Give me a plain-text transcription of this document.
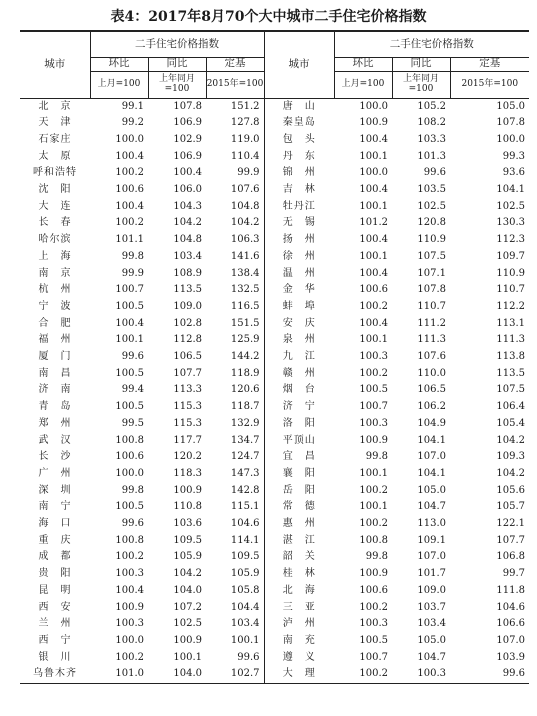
表4：2017年8月70个大中城市二手住宅价格指数
城市	二手住宅价格指数			城市	二手住宅价格指数		
	环比	同比	定基		环比	同比	定基
	上月=100	上年同月=100	2015年=100		上月=100	上年同月=100	2015年=100
北　京	99.1	107.8	151.2	唐　山	100.0	105.2	105.0
天　津	99.2	106.9	127.8	秦皇岛	100.9	108.2	107.8
石家庄	100.0	102.9	119.0	包　头	100.4	103.3	100.0
太　原	100.4	106.9	110.4	丹　东	100.1	101.3	99.3
呼和浩特	100.2	100.4	99.9	锦　州	100.0	99.6	93.6
沈　阳	100.6	106.0	107.6	吉　林	100.4	103.5	104.1
大　连	100.4	104.3	104.8	牡丹江	100.1	102.5	102.5
长　春	100.2	104.2	104.2	无　锡	101.2	120.8	130.3
哈尔滨	101.1	104.8	106.3	扬　州	100.4	110.9	112.3
上　海	99.8	103.4	141.6	徐　州	100.1	107.5	109.7
南　京	99.9	108.9	138.4	温　州	100.4	107.1	110.9
杭　州	100.7	113.5	132.5	金　华	100.6	107.8	110.7
宁　波	100.5	109.0	116.5	蚌　埠	100.2	110.7	112.2
合　肥	100.4	102.8	151.5	安　庆	100.4	111.2	113.1
福　州	100.1	112.8	125.9	泉　州	100.1	111.3	111.3
厦　门	99.6	106.5	144.2	九　江	100.3	107.6	113.8
南　昌	100.5	107.7	118.9	赣　州	100.2	110.0	113.5
济　南	99.4	113.3	120.6	烟　台	100.5	106.5	107.5
青　岛	100.5	115.3	118.7	济　宁	100.7	106.2	106.4
郑　州	99.5	115.3	132.9	洛　阳	100.3	104.9	105.4
武　汉	100.8	117.7	134.7	平顶山	100.9	104.1	104.2
长　沙	100.6	120.2	124.7	宜　昌	99.8	107.0	109.3
广　州	100.0	118.3	147.3	襄　阳	100.1	104.1	104.2
深　圳	99.8	100.9	142.8	岳　阳	100.2	105.0	105.6
南　宁	100.5	110.8	115.1	常　德	100.1	104.7	105.7
海　口	99.6	103.6	104.6	惠　州	100.2	113.0	122.1
重　庆	100.8	109.5	114.1	湛　江	100.8	109.1	107.7
成　都	100.2	105.9	109.5	韶　关	99.8	107.0	106.8
贵　阳	100.3	104.2	105.9	桂　林	100.9	101.7	99.7
昆　明	100.4	104.0	105.8	北　海	100.6	109.0	111.8
西　安	100.9	107.2	104.4	三　亚	100.2	103.7	104.6
兰　州	100.3	102.5	103.4	泸　州	100.3	103.4	106.6
西　宁	100.0	100.9	100.1	南　充	100.5	105.0	107.0
银　川	100.2	100.1	99.6	遵　义	100.7	104.7	103.9
乌鲁木齐	101.0	104.0	102.7	大　理	100.2	100.3	99.6
